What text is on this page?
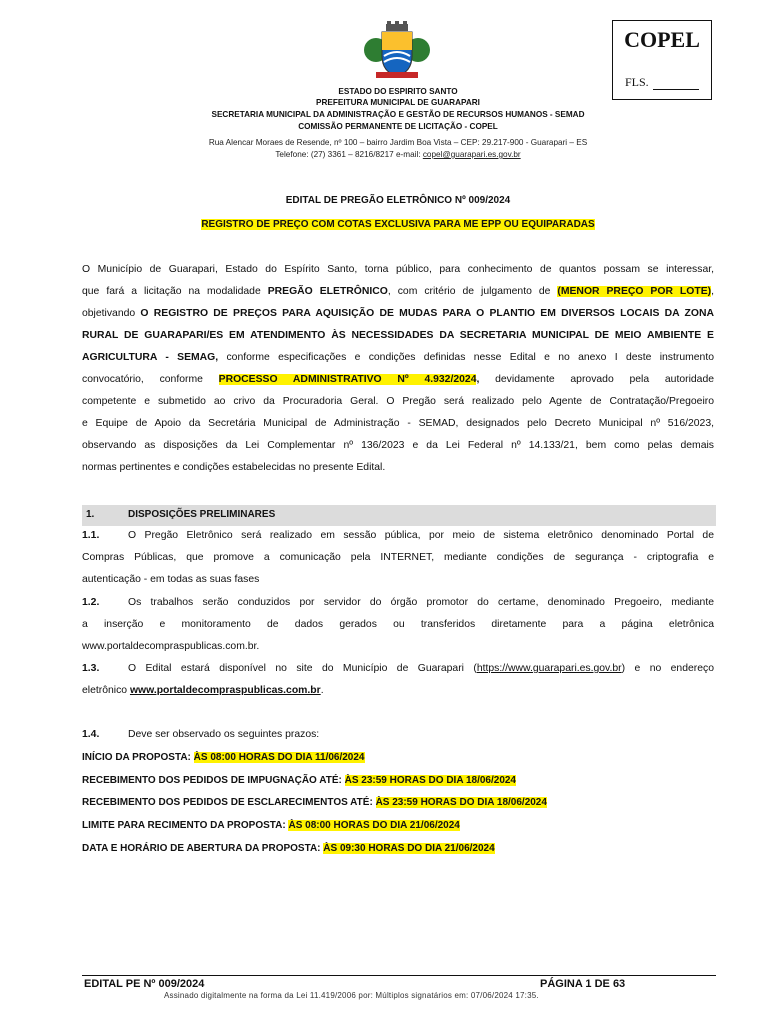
COPEL
FLS.
ESTADO DO ESPIRITO SANTO
PREFEITURA MUNICIPAL DE GUARAPARI
SECRETARIA MUNICIPAL DA ADMINISTRAÇÃO E GESTÃO DE RECURSOS HUMANOS - SEMAD
COMISSÃO PERMANENTE DE LICITAÇÃO - COPEL
Rua Alencar Moraes de Resende, nº 100 – bairro Jardim Boa Vista – CEP: 29.217-900 - Guarapari – ES
Telefone: (27) 3361 – 8216/8217 e-mail: copel@guarapari.es.gov.br
EDITAL DE PREGÃO ELETRÔNICO Nº 009/2024
REGISTRO DE PREÇO COM COTAS EXCLUSIVA PARA ME EPP OU EQUIPARADAS
O Município de Guarapari, Estado do Espírito Santo, torna público, para conhecimento de quantos possam se interessar,
que fará a licitação na modalidade PREGÃO ELETRÔNICO, com critério de julgamento de (MENOR PREÇO POR LOTE),
objetivando O REGISTRO DE PREÇOS PARA AQUISIÇÃO DE MUDAS PARA O PLANTIO EM DIVERSOS LOCAIS DA ZONA
RURAL DE GUARAPARI/ES EM ATENDIMENTO ÀS NECESSIDADES DA SECRETARIA MUNICIPAL DE MEIO AMBIENTE E
AGRICULTURA - SEMAG, conforme especificações e condições definidas nesse Edital e no anexo I deste instrumento
convocatório, conforme PROCESSO ADMINISTRATIVO Nº 4.932/2024, devidamente aprovado pela autoridade
competente e submetido ao crivo da Procuradoria Geral. O Pregão será realizado pelo Agente de Contratação/Pregoeiro
e Equipe de Apoio da Secretária Municipal de Administração - SEMAD, designados pelo Decreto Municipal nº 516/2023,
observando as disposições da Lei Complementar nº 136/2023 e da Lei Federal nº 14.133/21, bem como pelas demais
normas pertinentes e condições estabelecidas no presente Edital.
1.	DISPOSIÇÕES PRELIMINARES
1.1.	O Pregão Eletrônico será realizado em sessão pública, por meio de sistema eletrônico denominado Portal de
Compras Públicas, que promove a comunicação pela INTERNET, mediante condições de segurança - criptografia e
autenticação - em todas as suas fases
1.2.	Os trabalhos serão conduzidos por servidor do órgão promotor do certame, denominado Pregoeiro, mediante
a inserção e monitoramento de dados gerados ou transferidos diretamente para a página eletrônica
www.portaldecompraspublicas.com.br.
1.3.	O Edital estará disponível no site do Município de Guarapari (https://www.guarapari.es.gov.br) e no endereço
eletrônico www.portaldecompraspublicas.com.br.
1.4.	Deve ser observado os seguintes prazos:
INÍCIO DA PROPOSTA: ÀS 08:00 HORAS DO DIA 11/06/2024
RECEBIMENTO DOS PEDIDOS DE IMPUGNAÇÃO ATÉ: ÀS 23:59 HORAS DO DIA 18/06/2024
RECEBIMENTO DOS PEDIDOS DE ESCLARECIMENTOS ATÉ: ÀS 23:59 HORAS DO DIA 18/06/2024
LIMITE PARA RECIMENTO DA PROPOSTA: ÀS 08:00 HORAS DO DIA 21/06/2024
DATA E HORÁRIO DE ABERTURA DA PROPOSTA: ÀS 09:30 HORAS DO DIA 21/06/2024
EDITAL PE Nº 009/2024	PÁGINA 1 DE 63
Assinado digitalmente na forma da Lei 11.419/2006 por: Múltiplos signatários em: 07/06/2024 17:35.
